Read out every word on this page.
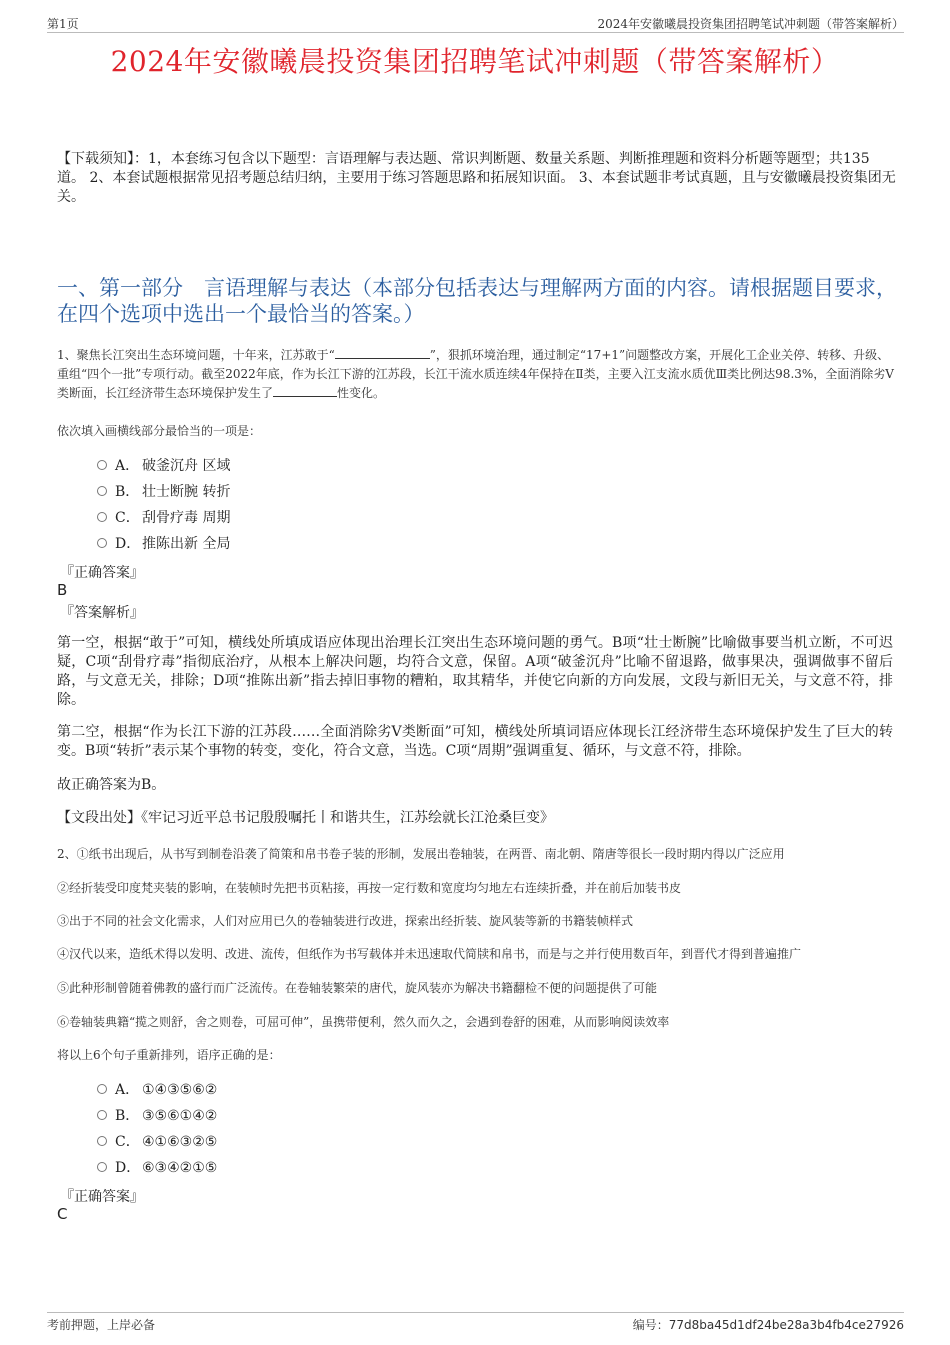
第1页	2024年安徽曦晨投资集团招聘笔试冲刺题（带答案解析）
2024年安徽曦晨投资集团招聘笔试冲刺题（带答案解析）
【下载须知】：1，本套练习包含以下题型：言语理解与表达题、常识判断题、数量关系题、判断推理题和资料分析题等题型；共135道。 2、本套试题根据常见招考题总结归纳，主要用于练习答题思路和拓展知识面。 3、本套试题非考试真题，且与安徽曦晨投资集团无关。
一、第一部分　言语理解与表达（本部分包括表达与理解两方面的内容。请根据题目要求，在四个选项中选出一个最恰当的答案。）
1、聚焦长江突出生态环境问题，十年来，江苏敢于“	”，狠抓环境治理，通过制定“17+1”问题整改方案，开展化工企业关停、转移、升级、重组“四个一批”专项行动。截至2022年底，作为长江下游的江苏段，长江干流水质连续4年保持在Ⅱ类，主要入江支流水质优Ⅲ类比例达98.3%，全面消除劣Ⅴ类断面，长江经济带生态环境保护发生了	性变化。
依次填入画横线部分最恰当的一项是：
A． 破釜沉舟 区域
B． 壮士断腕 转折
C． 刮骨疗毒 周期
D． 推陈出新 全局
『正确答案』
B
『答案解析』
第一空，根据“敢于”可知，横线处所填成语应体现出治理长江突出生态环境问题的勇气。B项“壮士断腕”比喻做事要当机立断，不可迟疑，C项“刮骨疗毒”指彻底治疗，从根本上解决问题，均符合文意，保留。A项“破釜沉舟”比喻不留退路，做事果决，强调做事不留后路，与文意无关，排除；D项“推陈出新”指去掉旧事物的糟粕，取其精华，并使它向新的方向发展，文段与新旧无关，与文意不符，排除。
第二空，根据“作为长江下游的江苏段……全面消除劣V类断面”可知，横线处所填词语应体现长江经济带生态环境保护发生了巨大的转变。B项“转折”表示某个事物的转变，变化，符合文意，当选。C项“周期”强调重复、循环，与文意不符，排除。
故正确答案为B。
【文段出处】《牢记习近平总书记殷殷嘱托丨和谐共生，江苏绘就长江沧桑巨变》
2、①纸书出现后，从书写到制卷沿袭了简策和帛书卷子装的形制，发展出卷轴装，在两晋、南北朝、隋唐等很长一段时期内得以广泛应用
②经折装受印度梵夹装的影响，在装帧时先把书页粘接，再按一定行数和宽度均匀地左右连续折叠，并在前后加装书皮
③出于不同的社会文化需求，人们对应用已久的卷轴装进行改进，探索出经折装、旋风装等新的书籍装帧样式
④汉代以来，造纸术得以发明、改进、流传，但纸作为书写载体并未迅速取代简牍和帛书，而是与之并行使用数百年，到晋代才得到普遍推广
⑤此种形制曾随着佛教的盛行而广泛流传。在卷轴装繁荣的唐代，旋风装亦为解决书籍翻检不便的问题提供了可能
⑥卷轴装典籍“揽之则舒，舍之则卷，可屈可伸”，虽携带便利，然久而久之，会遇到卷舒的困难，从而影响阅读效率
将以上6个句子重新排列，语序正确的是：
A． ①④③⑤⑥②
B． ③⑤⑥①④②
C． ④①⑥③②⑤
D． ⑥③④②①⑤
『正确答案』
C
考前押题，上岸必备	编号：77d8ba45d1df24be28a3b4fb4ce27926
